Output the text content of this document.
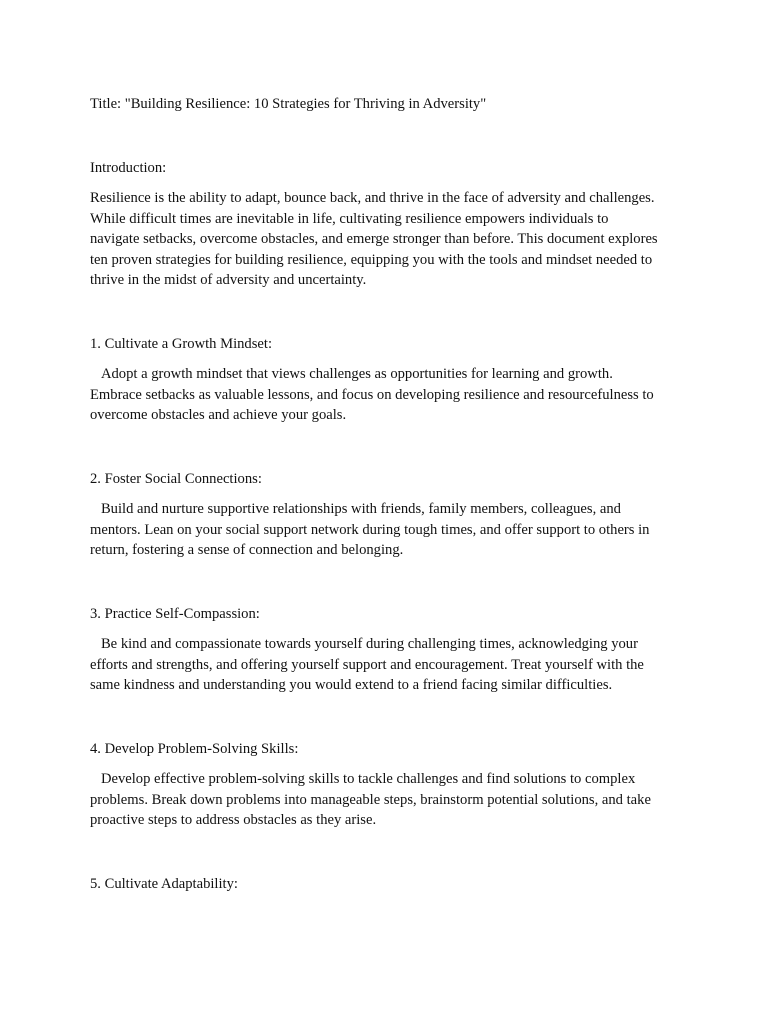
Title: "Building Resilience: 10 Strategies for Thriving in Adversity"

Introduction:

Resilience is the ability to adapt, bounce back, and thrive in the face of adversity and challenges.
While difficult times are inevitable in life, cultivating resilience empowers individuals to
navigate setbacks, overcome obstacles, and emerge stronger than before. This document explores
ten proven strategies for building resilience, equipping you with the tools and mindset needed to
thrive in the midst of adversity and uncertainty.

1. Cultivate a Growth Mindset:

Adopt a growth mindset that views challenges as opportunities for learning and growth.
Embrace setbacks as valuable lessons, and focus on developing resilience and resourcefulness to
overcome obstacles and achieve your goals.

2. Foster Social Connections:

Build and nurture supportive relationships with friends, family members, colleagues, and
mentors. Lean on your social support network during tough times, and offer support to others in
return, fostering a sense of connection and belonging.

3. Practice Self-Compassion:

Be kind and compassionate towards yourself during challenging times, acknowledging your
efforts and strengths, and offering yourself support and encouragement. Treat yourself with the
same kindness and understanding you would extend to a friend facing similar difficulties.

4. Develop Problem-Solving Skills:

Develop effective problem-solving skills to tackle challenges and find solutions to complex
problems. Break down problems into manageable steps, brainstorm potential solutions, and take
proactive steps to address obstacles as they arise.

5. Cultivate Adaptability:
